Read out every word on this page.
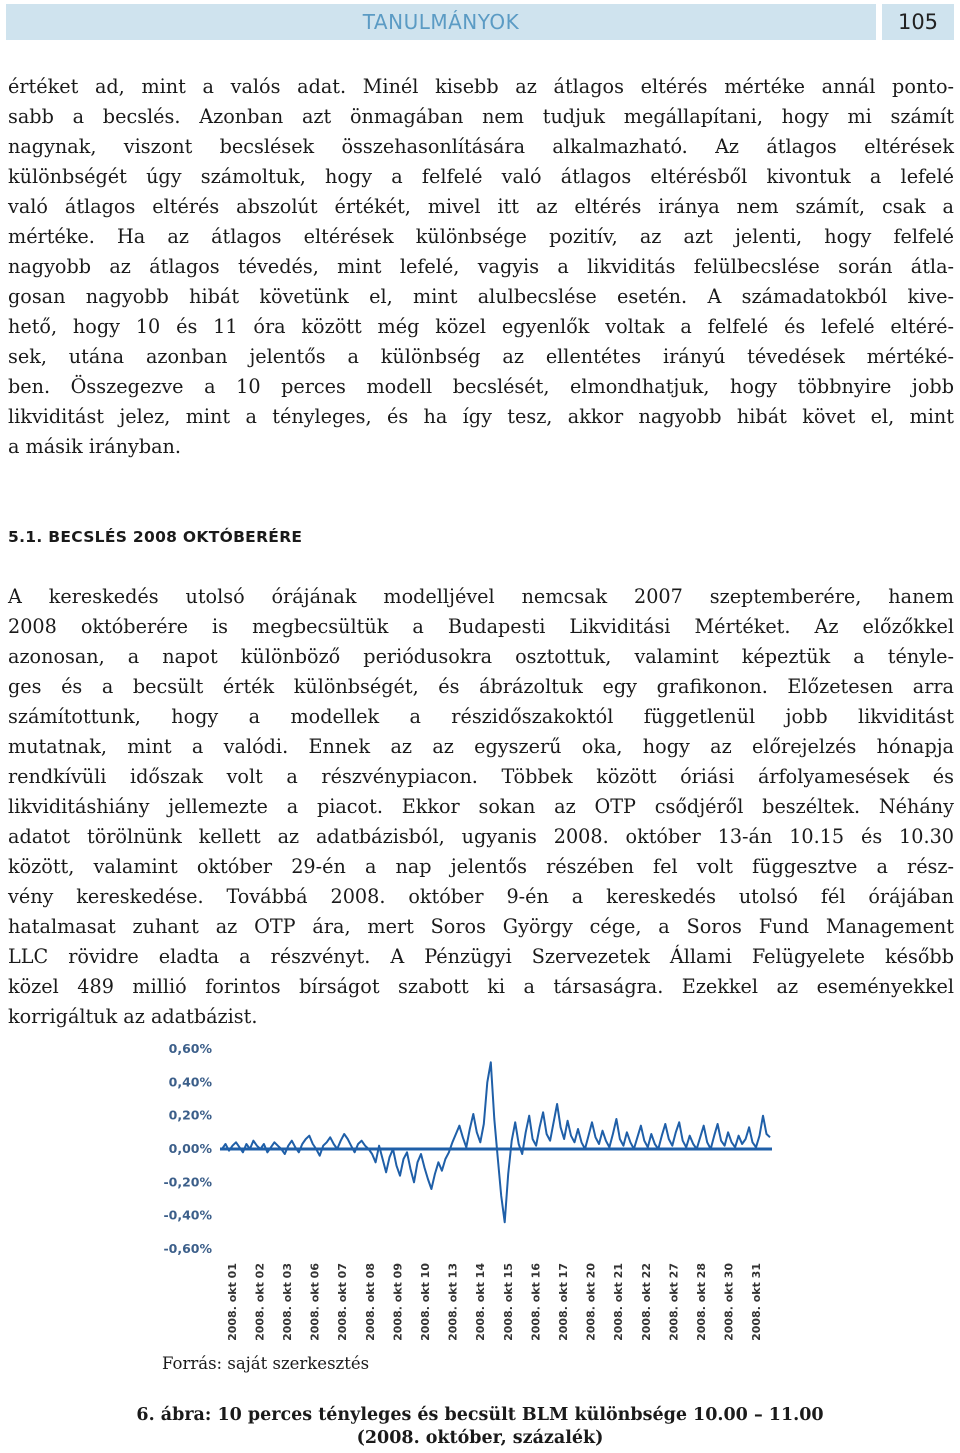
TANULMÁNYOK	105
értéket ad, mint a valós adat. Minél kisebb az átlagos eltérés mértéke annál ponto-
sabb a becslés. Azonban azt önmagában nem tudjuk megállapítani, hogy mi számít
nagynak, viszont becslések összehasonlítására alkalmazható. Az átlagos eltérések
különbségét úgy számoltuk, hogy a felfelé való átlagos eltérésből kivontuk a lefelé
való átlagos eltérés abszolút értékét, mivel itt az eltérés iránya nem számít, csak a
mértéke. Ha az átlagos eltérések különbsége pozitív, az azt jelenti, hogy felfelé
nagyobb az átlagos tévedés, mint lefelé, vagyis a likviditás felülbecslése során átla-
gosan nagyobb hibát követünk el, mint alulbecslése esetén. A számadatokból kive-
hető, hogy 10 és 11 óra között még közel egyenlők voltak a felfelé és lefelé eltéré-
sek, utána azonban jelentős a különbség az ellentétes irányú tévedések mértéké-
ben. Összegezve a 10 perces modell becslését, elmondhatjuk, hogy többnyire jobb
likviditást jelez, mint a tényleges, és ha így tesz, akkor nagyobb hibát követ el, mint
a másik irányban.
5.1. BECSLÉS 2008 OKTÓBERÉRE
A kereskedés utolsó órájának modelljével nemcsak 2007 szeptemberére, hanem
2008 októberére is megbecsültük a Budapesti Likviditási Mértéket. Az előzőkkel
azonosan, a napot különböző periódusokra osztottuk, valamint képeztük a tényle-
ges és a becsült érték különbségét, és ábrázoltuk egy grafikonon. Előzetesen arra
számítottunk, hogy a modellek a részidőszakoktól függetlenül jobb likviditást
mutatnak, mint a valódi. Ennek az az egyszerű oka, hogy az előrejelzés hónapja
rendkívüli időszak volt a részvénypiacon. Többek között óriási árfolyamesések és
likviditáshiány jellemezte a piacot. Ekkor sokan az OTP csődjéről beszéltek. Néhány
adatot törölnünk kellett az adatbázisból, ugyanis 2008. október 13-án 10.15 és 10.30
között, valamint október 29-én a nap jelentős részében fel volt függesztve a rész-
vény kereskedése. Továbbá 2008. október 9-én a kereskedés utolsó fél órájában
hatalmasat zuhant az OTP ára, mert Soros György cége, a Soros Fund Management
LLC rövidre eladta a részvényt. A Pénzügyi Szervezetek Állami Felügyelete később
közel 489 millió forintos bírságot szabott ki a társaságra. Ezekkel az eseményekkel
korrigáltuk az adatbázist.
0,60%
0,40%
0,20%
0,00%
-0,20%
-0,40%
-0,60%
2008. okt 01 2008. okt 02 2008. okt 03 2008. okt 06 2008. okt 07 2008. okt 08 2008. okt 09 2008. okt 10 2008. okt 13 2008. okt 14 2008. okt 15 2008. okt 16 2008. okt 17 2008. okt 20 2008. okt 21 2008. okt 22 2008. okt 27 2008. okt 28 2008. okt 30 2008. okt 31
Forrás: saját szerkesztés
6. ábra: 10 perces tényleges és becsült BLM különbsége 10.00 – 11.00
(2008. október, százalék)
